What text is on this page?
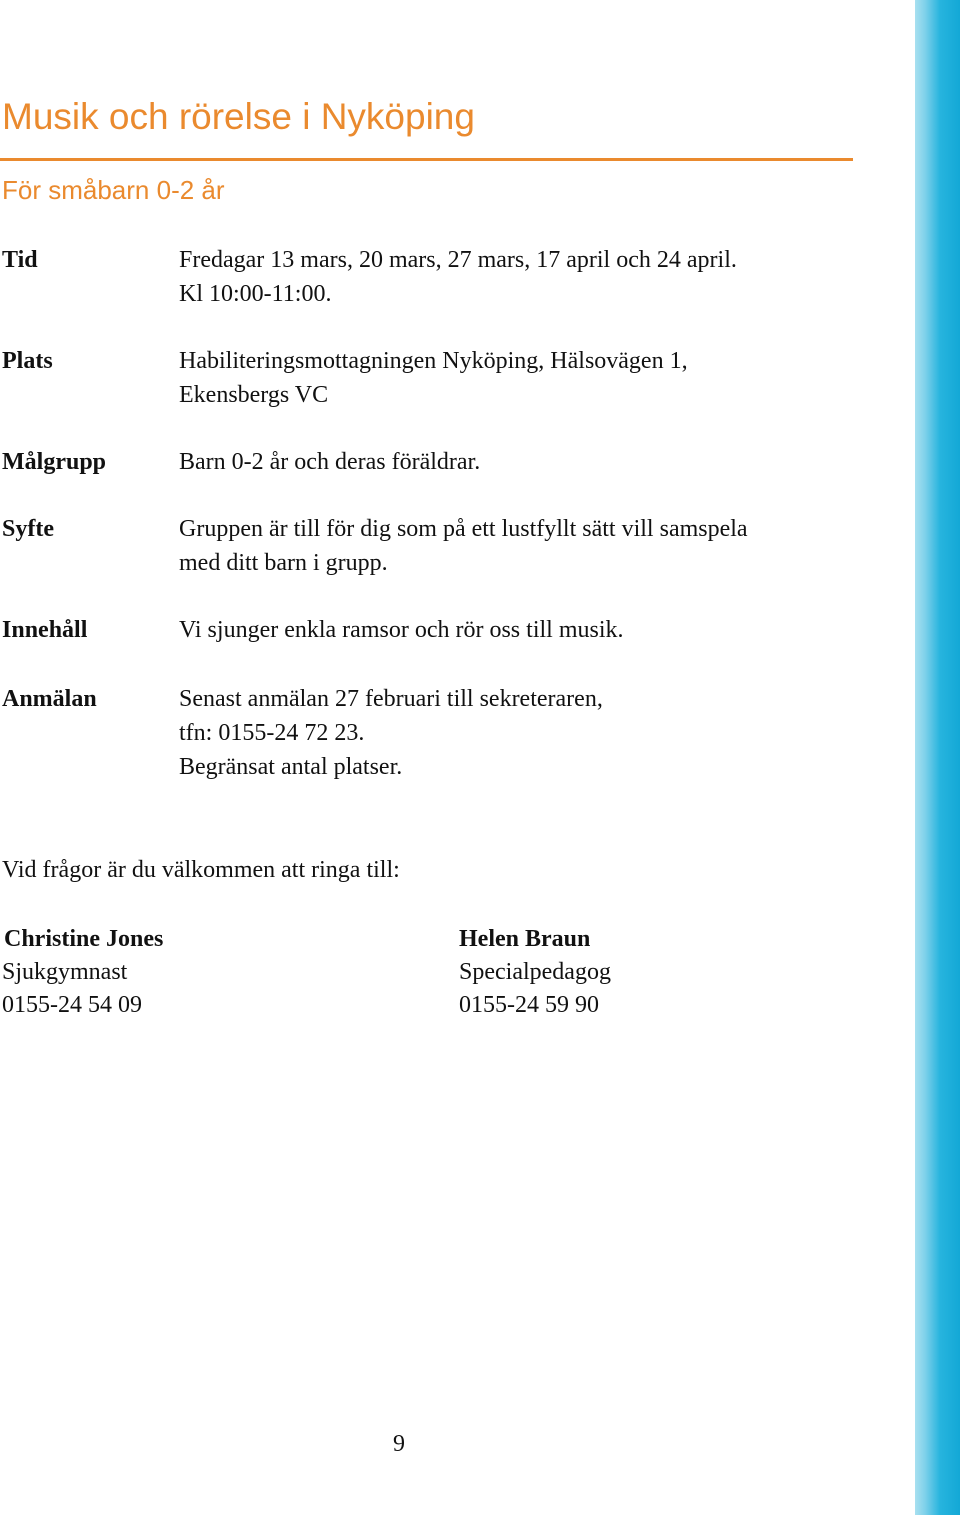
Musik och rörelse i Nyköping
För småbarn 0-2 år
Tid	Fredagar 13 mars, 20 mars, 27 mars, 17 april och 24 april.
Kl 10:00-11:00.
Plats	Habiliteringsmottagningen Nyköping, Hälsovägen 1,
Ekensbergs VC
Målgrupp	Barn 0-2 år och deras föräldrar.
Syfte	Gruppen är till för dig som på ett lustfyllt sätt vill samspela
med ditt barn i grupp.
Innehåll	Vi sjunger enkla ramsor och rör oss till musik.
Anmälan	Senast anmälan 27 februari till sekreteraren,
tfn: 0155-24 72 23.
Begränsat antal platser.
Vid frågor är du välkommen att ringa till:
Christine Jones
Sjukgymnast
0155-24 54 09
Helen Braun
Specialpedagog
0155-24 59 90
9
